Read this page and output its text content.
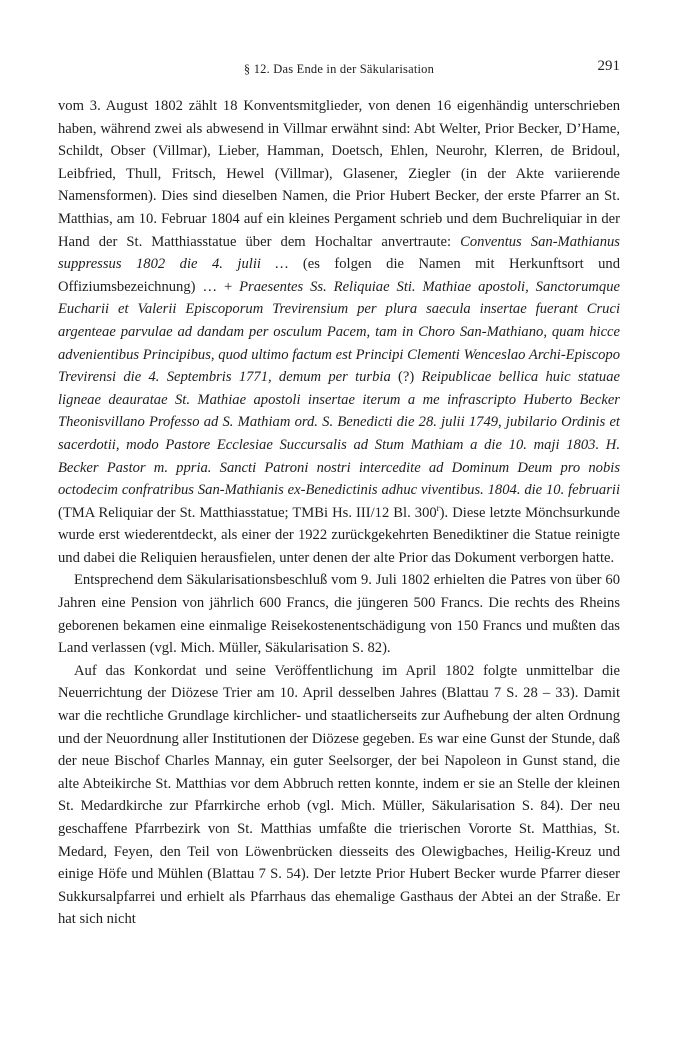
§ 12. Das Ende in der Säkularisation	291

vom 3. August 1802 zählt 18 Konventsmitglieder, von denen 16 eigenhändig unterschrieben haben, während zwei als abwesend in Villmar erwähnt sind: Abt Welter, Prior Becker, D’Hame, Schildt, Obser (Villmar), Lieber, Hamman, Doetsch, Ehlen, Neurohr, Klerren, de Bridoul, Leibfried, Thull, Fritsch, Hewel (Villmar), Glasener, Ziegler (in der Akte variierende Namensformen). Dies sind dieselben Namen, die Prior Hubert Becker, der erste Pfarrer an St. Matthias, am 10. Februar 1804 auf ein kleines Pergament schrieb und dem Buchreliquiar in der Hand der St. Matthiasstatue über dem Hochaltar anvertraute: Conventus San-Mathianus suppressus 1802 die 4. julii … (es folgen die Namen mit Herkunftsort und Offiziumsbezeichnung) … + Praesentes Ss. Reliquiae Sti. Mathiae apostoli, Sanctorumque Eucharii et Valerii Episcoporum Trevirensium per plura saecula insertae fuerant Cruci argenteae parvulae ad dandam per osculum Pacem, tam in Choro San-Mathiano, quam hicce advenientibus Principibus, quod ultimo factum est Principi Clementi Wenceslao Archi-Episcopo Trevirensi die 4. Septembris 1771, demum per turbia (?) Reipublicae bellica huic statuae ligneae deauratae St. Mathiae apostoli insertae iterum a me infrascripto Huberto Becker Theonisvillano Professo ad S. Mathiam ord. S. Benedicti die 28. julii 1749, jubilario Ordinis et sacerdotii, modo Pastore Ecclesiae Succursalis ad Stum Mathiam a die 10. maji 1803. H. Becker Pastor m. ppria. Sancti Patroni nostri intercedite ad Dominum Deum pro nobis octodecim confratribus San-Mathianis ex-Benedictinis adhuc viventibus. 1804. die 10. februarii (TMA Reliquiar der St. Matthiasstatue; TMBi Hs. III/12 Bl. 300$^r$). Diese letzte Mönchsurkunde wurde erst wiederentdeckt, als einer der 1922 zurückgekehrten Benediktiner die Statue reinigte und dabei die Reliquien herausfielen, unter denen der alte Prior das Dokument verborgen hatte.

Entsprechend dem Säkularisationsbeschluß vom 9. Juli 1802 erhielten die Patres von über 60 Jahren eine Pension von jährlich 600 Francs, die jüngeren 500 Francs. Die rechts des Rheins geborenen bekamen eine einmalige Reisekostenentschädigung von 150 Francs und mußten das Land verlassen (vgl. Mich. Müller, Säkularisation S. 82).

Auf das Konkordat und seine Veröffentlichung im April 1802 folgte unmittelbar die Neuerrichtung der Diözese Trier am 10. April desselben Jahres (Blattau 7 S. 28 – 33). Damit war die rechtliche Grundlage kirchlicher- und staatlicherseits zur Aufhebung der alten Ordnung und der Neuordnung aller Institutionen der Diözese gegeben. Es war eine Gunst der Stunde, daß der neue Bischof Charles Mannay, ein guter Seelsorger, der bei Napoleon in Gunst stand, die alte Abteikirche St. Matthias vor dem Abbruch retten konnte, indem er sie an Stelle der kleinen St. Medardkirche zur Pfarrkirche erhob (vgl. Mich. Müller, Säkularisation S. 84). Der neu geschaffene Pfarrbezirk von St. Matthias umfaßte die trierischen Vororte St. Matthias, St. Medard, Feyen, den Teil von Löwenbrücken diesseits des Olewigbaches, Heilig-Kreuz und einige Höfe und Mühlen (Blattau 7 S. 54). Der letzte Prior Hubert Becker wurde Pfarrer dieser Sukkursalpfarrei und erhielt als Pfarrhaus das ehemalige Gasthaus der Abtei an der Straße. Er hat sich nicht
